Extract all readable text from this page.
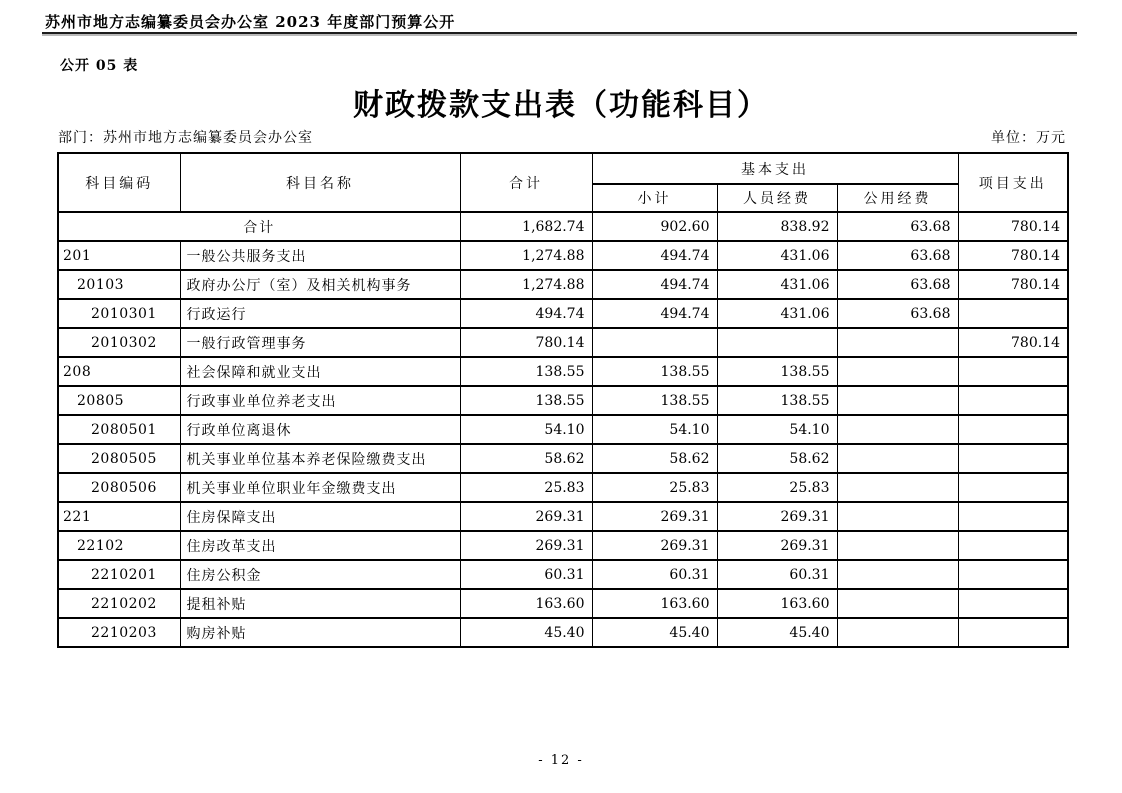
苏州市地方志编纂委员会办公室 2023 年度部门预算公开
公开 05 表
财政拨款支出表（功能科目）
部门：苏州市地方志编纂委员会办公室	单位：万元
科目编码	科目名称	合计	基本支出			项目支出
			小计	人员经费	公用经费	
合计		1,682.74	902.60	838.92	63.68	780.14
201	一般公共服务支出	1,274.88	494.74	431.06	63.68	780.14
20103	政府办公厅（室）及相关机构事务	1,274.88	494.74	431.06	63.68	780.14
2010301	行政运行	494.74	494.74	431.06	63.68	
2010302	一般行政管理事务	780.14				780.14
208	社会保障和就业支出	138.55	138.55	138.55		
20805	行政事业单位养老支出	138.55	138.55	138.55		
2080501	行政单位离退休	54.10	54.10	54.10		
2080505	机关事业单位基本养老保险缴费支出	58.62	58.62	58.62		
2080506	机关事业单位职业年金缴费支出	25.83	25.83	25.83		
221	住房保障支出	269.31	269.31	269.31		
22102	住房改革支出	269.31	269.31	269.31		
2210201	住房公积金	60.31	60.31	60.31		
2210202	提租补贴	163.60	163.60	163.60		
2210203	购房补贴	45.40	45.40	45.40		
- 12 -
